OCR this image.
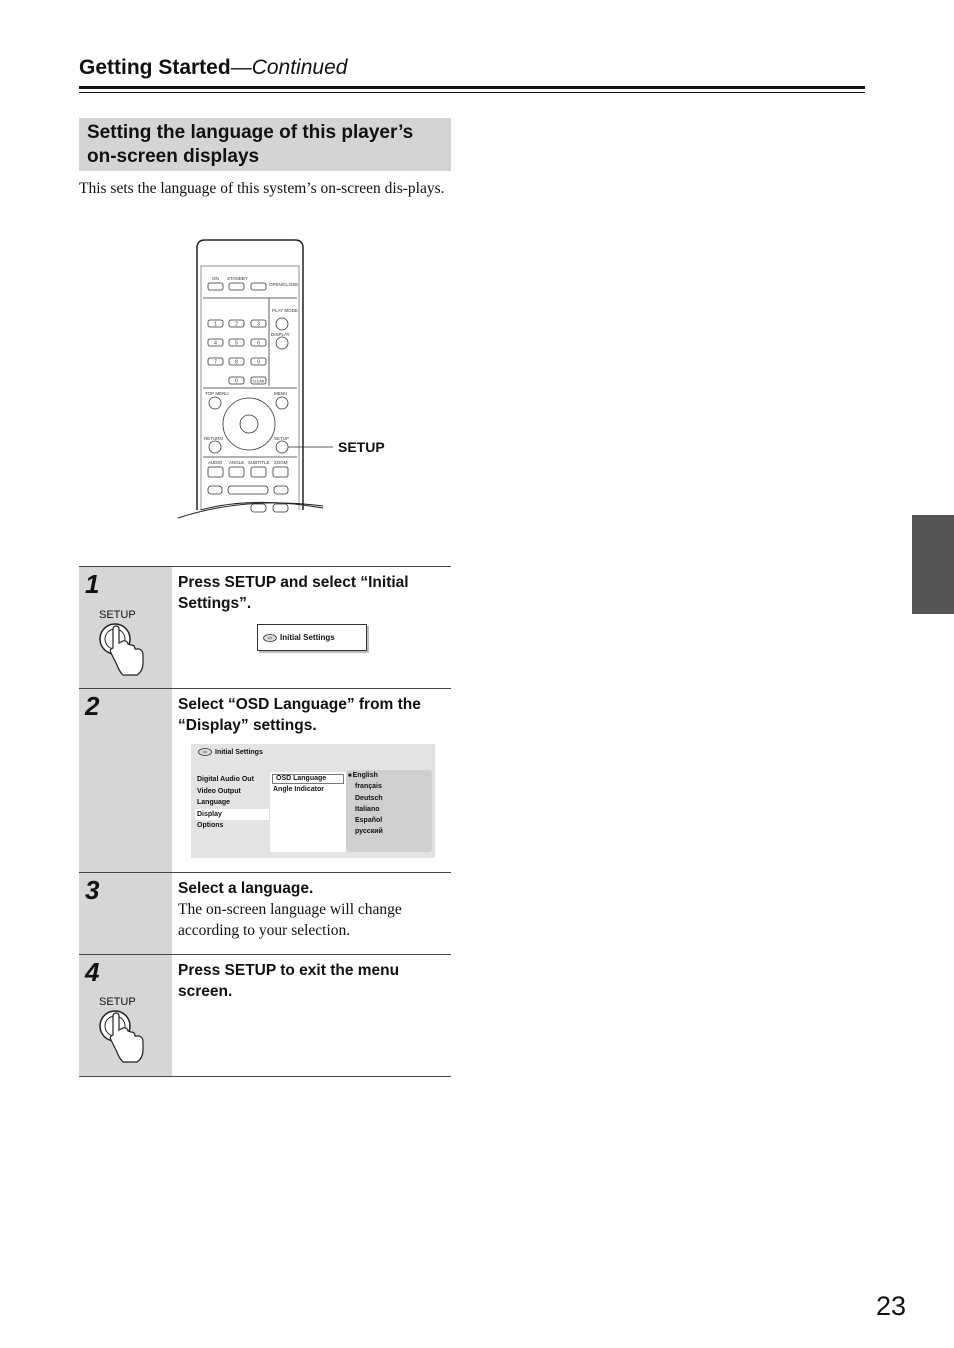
Getting Started—Continued
Setting the language of this player’s on-screen displays
This sets the language of this system’s on-screen dis-plays.
ON STANDBY
OPEN/CLOSE
PLAY MODE
DISPLAY
TOP MENU	MENU
RETURN	SETUP
AUDIO ANGLE SUBTITLE ZOOM
1	2	3
4	5	6
7	8	9
0	CLEAR
SETUP
1
SETUP
Press SETUP and select “Initial Settings”.
Initial Settings
2	Select “OSD Language” from the “Display” settings.
Initial Settings
Digital Audio Out
Video Output
Language
Display
Options
OSD Language
Angle Indicator
■ English
français
Deutsch
Italiano
Español
русский
3	Select a language.
The on-screen language will change according to your selection.
4
SETUP
Press SETUP to exit the menu screen.
23
